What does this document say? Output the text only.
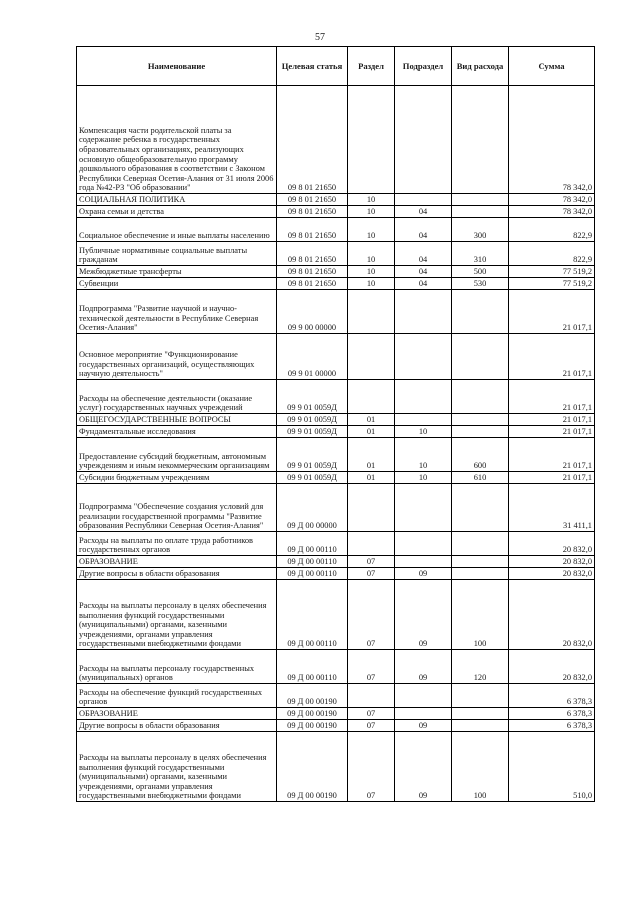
57
Наименование	Целевая статья	Раздел	Подраздел	Вид расхода	Сумма
Компенсация части родительской платы за содержание ребенка в государственных образовательных организациях, реализующих основную общеобразовательную программу дошкольного образования в соответствии с Законом Республики Северная Осетия-Алания от 31 июля 2006 года №42-РЗ "Об образовании"	09 8 01 21650				78 342,0
СОЦИАЛЬНАЯ ПОЛИТИКА	09 8 01 21650	10			78 342,0
Охрана семьи и детства	09 8 01 21650	10	04		78 342,0
Социальное обеспечение и иные выплаты населению	09 8 01 21650	10	04	300	822,9
Публичные нормативные социальные выплаты гражданам	09 8 01 21650	10	04	310	822,9
Межбюджетные трансферты	09 8 01 21650	10	04	500	77 519,2
Субвенции	09 8 01 21650	10	04	530	77 519,2
Подпрограмма "Развитие научной и научно-технической деятельности в Республике Северная Осетия-Алания"	09 9 00 00000				21 017,1
Основное мероприятие "Функционирование государственных организаций, осуществляющих научную деятельность"	09 9 01 00000				21 017,1
Расходы на обеспечение деятельности (оказание услуг) государственных научных учреждений	09 9 01 0059Д				21 017,1
ОБЩЕГОСУДАРСТВЕННЫЕ ВОПРОСЫ	09 9 01 0059Д	01			21 017,1
Фундаментальные исследования	09 9 01 0059Д	01	10		21 017,1
Предоставление субсидий бюджетным, автономным учреждениям и иным некоммерческим организациям	09 9 01 0059Д	01	10	600	21 017,1
Субсидии бюджетным учреждениям	09 9 01 0059Д	01	10	610	21 017,1
Подпрограмма "Обеспечение создания условий для реализации государственной программы "Развитие образования Республики Северная Осетия-Алания"	09 Д 00 00000				31 411,1
Расходы на выплаты по оплате труда работников государственных органов	09 Д 00 00110				20 832,0
ОБРАЗОВАНИЕ	09 Д 00 00110	07			20 832,0
Другие вопросы в области образования	09 Д 00 00110	07	09		20 832,0
Расходы на выплаты персоналу в целях обеспечения выполнения функций государственными (муниципальными) органами, казенными учреждениями, органами управления государственными внебюджетными фондами	09 Д 00 00110	07	09	100	20 832,0
Расходы на выплаты персоналу государственных (муниципальных) органов	09 Д 00 00110	07	09	120	20 832,0
Расходы на обеспечение функций государственных органов	09 Д 00 00190				6 378,3
ОБРАЗОВАНИЕ	09 Д 00 00190	07			6 378,3
Другие вопросы в области образования	09 Д 00 00190	07	09		6 378,3
Расходы на выплаты персоналу в целях обеспечения выполнения функций государственными (муниципальными) органами, казенными учреждениями, органами управления государственными внебюджетными фондами	09 Д 00 00190	07	09	100	510,0
